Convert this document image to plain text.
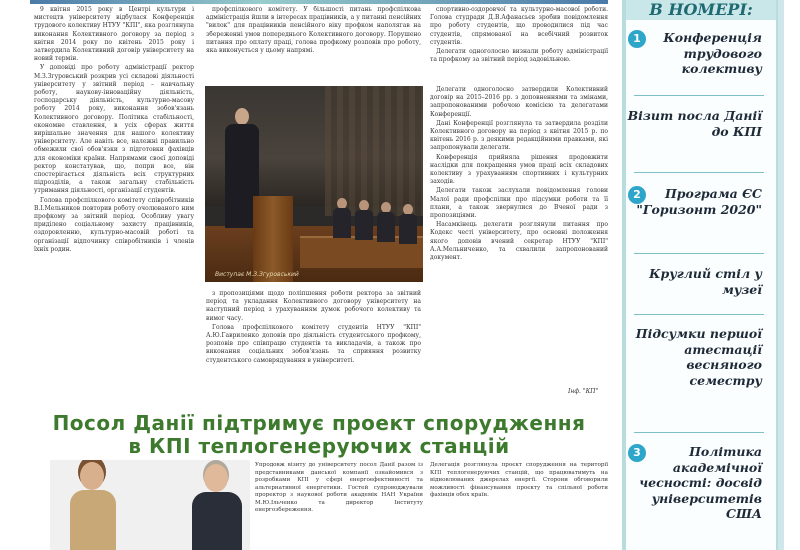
9 квітня 2015 року в Центрі культури і мистецтв університету відбулася Конференція трудового колективу НТУУ "КПІ", яка розглянула виконання Колективного договору за період з квітня 2014 року по квітень 2015 року і затвердила Колективний договір університету на новий термін.

У доповіді про роботу адміністрації ректор М.З.Згуровський розкрив усі складові діяльності університету у звітний період – навчальну роботу, наукову-інноваційну діяльність, господарську діяльність, культурно-масову роботу 2014 року, виконання зобов'язань Колективного договору. Політика стабільності, економне ставлення, в усіх сферах життя вирішальне значення для нашого колективу університету. Але навіть все, належні правильно обмежили свої обов'язки з підготовки фахівців для економіки країни. Напрямами своєї доповіді ректор констатував, що, попри все, він спостерігається діяльність всіх структурних підрозділів, а також загальну стабільність утримання діяльності, організації студентів.

Голова профспілкового комітету співробітників В.І.Мельников повторив роботу очолюваного ним профкому за звітний період. Особливу увагу приділено соціальному захисту працівників, оздоровленню, культурно-масовій роботі та організації відпочинку співробітників і членів їхніх родин.

профспілкового комітету. У більшості питань профспілкова адміністрація йшли в інтересах працівників, а у питанні пенсійних "вилок" для працівників пенсійного віку профком наполягав на збереженні умов попереднього Колективного договору. Порушено питання про оплату праці, голова профкому розповів про роботу, яка виконується у цьому напрямі.

спортивно-оздоровчої та культурно-масової роботи. Голова студради Д.В.Афанасьєв зробив повідомлення про роботу студентів, що проводилися під час студентів, спрямованої на всебічний розвиток студентів.

Делегати одноголосно визнали роботу адміністрації та профкому за звітний період задовільною.

Виступає М.З.Згуровський

з пропозиціями щодо поліпшення роботи ректора за звітний період та укладання Колективного договору університету на наступний період з урахуванням думок робочого колективу та вимог часу.

Голова профспілкового комітету студентів НТУУ "КПІ" А.Ю.Гавриленко доповів про діяльність студентського профкому, розповів про співпрацю студентів та викладачів, а також про виконання соціальних зобов'язань та сприяння розвитку студентського самоврядування в університеті.

Делегати одноголосно затвердили Колективний договір на 2015–2016 рр. з доповненнями та змінами, запропонованими робочою комісією та делегатами Конференції.

Дані Конференції розглянула та затвердила розділи Колективного договору на період з квітня 2015 р. по квітень 2016 р. з деякими редакційними правками, які запропонували делегати.

Конференція прийняла рішення продовжити наслідки для покращення умов праці всіх складових колективу з урахуванням спортивних і культурних заходів.

Делегати також заслухали повідомлення голови Малої ради профспілки про підсумки роботи та її плани, а також звернулися до Вченої ради з пропозиціями.

Насамкінець делегати розглянули питання про Кодекс честі університету, про основні положення якого доповів вчений секретар НТУУ "КПІ" А.А.Мельниченко, та схвалили запропонований документ.

Інф. "КП"
Посол Данії підтримує проект спорудження
в КПІ теплогенеруючих станцій
Упродовж візиту до університету посол Данії разом із представниками данської компанії ознайомився з розробками КПІ у сфері енергоефективності та альтернативної енергетики. Гостей супроводжували проректор з наукової роботи академік НАН України М.Ю.Ільченко та директор Інституту енергозбереження.
Делегація розглянула проєкт спорудження на території КПІ теплогенеруючих станцій, що працюватимуть на відновлюваних джерелах енергії. Сторони обговорили можливості фінансування проєкту та спільної роботи фахівців обох країн.
В НОМЕРІ:
1	Конференція трудового колективу
Візит посла Данії до КПІ
2	Програма ЄС "Горизонт 2020"
Круглий стіл у музеї
Підсумки першої атестації весняного семестру
3	Політика академічної чесності: досвід університетів США
